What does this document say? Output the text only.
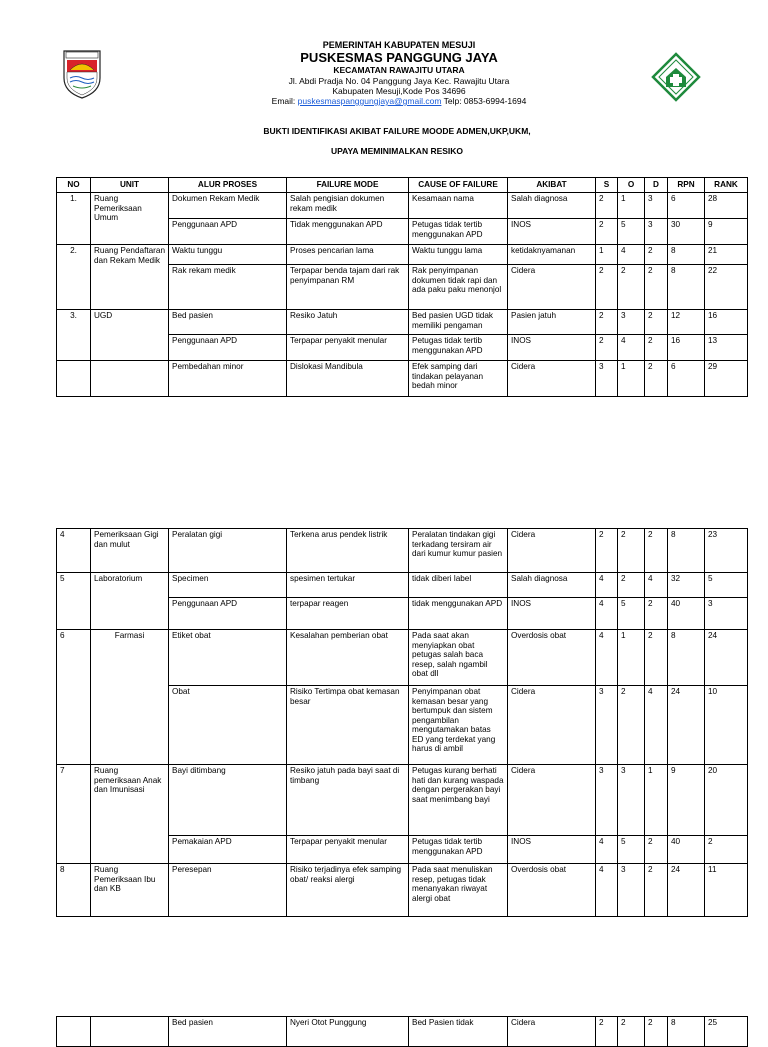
PEMERINTAH KABUPATEN MESUJI
PUSKESMAS PANGGUNG JAYA
KECAMATAN RAWAJITU UTARA
Jl. Abdi Pradja No. 04 Panggung Jaya Kec. Rawajitu Utara
Kabupaten Mesuji,Kode Pos 34696
Email: puskesmaspanggungjaya@gmail.com Telp: 0853-6994-1694
BUKTI IDENTIFIKASI AKIBAT FAILURE MOODE ADMEN,UKP,UKM,
UPAYA MEMINIMALKAN RESIKO
NO	UNIT	ALUR PROSES	FAILURE MODE	CAUSE OF FAILURE	AKIBAT	S	O	D	RPN	RANK
1.	Ruang Pemeriksaan Umum	Dokumen Rekam Medik	Salah pengisian dokumen rekam medik	Kesamaan nama	Salah diagnosa	2	1	3	6	28
		Penggunaan APD	Tidak menggunakan APD	Petugas tidak tertib menggunakan APD	INOS	2	5	3	30	9
2.	Ruang Pendaftaran dan Rekam Medik	Waktu tunggu	Proses pencarian lama	Waktu tunggu lama	ketidaknyamanan	1	4	2	8	21
		Rak rekam medik	Terpapar benda tajam dari rak penyimpanan RM	Rak penyimpanan dokumen tidak rapi dan ada paku paku menonjol	Cidera	2	2	2	8	22
3.	UGD	Bed pasien	Resiko Jatuh	Bed pasien UGD tidak memiliki pengaman	Pasien jatuh	2	3	2	12	16
		Penggunaan APD	Terpapar penyakit menular	Petugas tidak tertib menggunakan APD	INOS	2	4	2	16	13
		Pembedahan minor	Dislokasi Mandibula	Efek samping dari tindakan pelayanan bedah minor	Cidera	3	1	2	6	29
4	Pemeriksaan Gigi dan mulut	Peralatan gigi	Terkena arus pendek listrik	Peralatan tindakan gigi terkadang tersiram air dari kumur kumur pasien	Cidera	2	2	2	8	23
5	Laboratorium	Specimen	spesimen tertukar	tidak diberi label	Salah diagnosa	4	2	4	32	5
		Penggunaan APD	terpapar reagen	tidak menggunakan APD	INOS	4	5	2	40	3
6	Farmasi	Etiket obat	Kesalahan pemberian obat	Pada saat akan menyiapkan obat petugas salah baca resep, salah ngambil obat dll	Overdosis obat	4	1	2	8	24
		Obat	Risiko Tertimpa obat kemasan besar	Penyimpanan obat kemasan besar yang bertumpuk dan sistem pengambilan mengutamakan batas ED yang terdekat yang harus di ambil	Cidera	3	2	4	24	10
7	Ruang pemeriksaan Anak dan Imunisasi	Bayi ditimbang	Resiko jatuh pada bayi saat di timbang	Petugas kurang berhati hati dan kurang waspada dengan pergerakan bayi saat menimbang bayi	Cidera	3	3	1	9	20
		Pemakaian APD	Terpapar penyakit menular	Petugas tidak tertib menggunakan APD	INOS	4	5	2	40	2
8	Ruang Pemeriksaan Ibu dan KB	Peresepan	Risiko terjadinya efek samping obat/ reaksi alergi	Pada saat menuliskan resep, petugas tidak menanyakan riwayat alergi obat	Overdosis obat	4	3	2	24	11
		Bed pasien	Nyeri Otot Punggung	Bed Pasien tidak	Cidera	2	2	2	8	25
